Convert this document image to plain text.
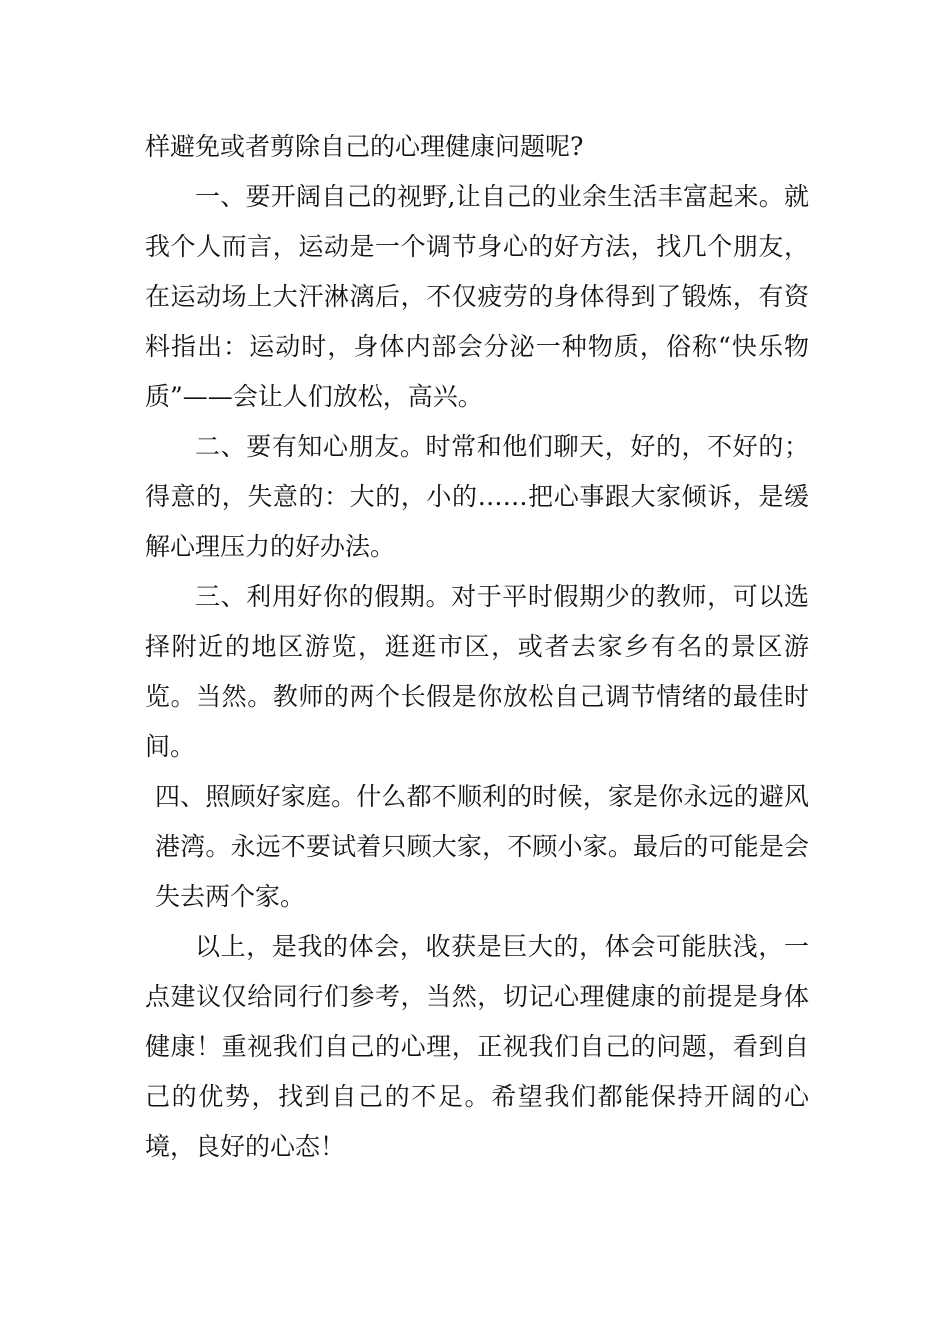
样避免或者剪除自己的心理健康问题呢?

一、要开阔自己的视野,让自己的业余生活丰富起来。就我个人而言，运动是一个调节身心的好方法，找几个朋友，在运动场上大汗淋漓后，不仅疲劳的身体得到了锻炼，有资料指出：运动时，身体内部会分泌一种物质，俗称“快乐物质”——会让人们放松，高兴。

二、要有知心朋友。时常和他们聊天，好的，不好的；得意的，失意的：大的，小的……把心事跟大家倾诉，是缓解心理压力的好办法。

三、利用好你的假期。对于平时假期少的教师，可以选择附近的地区游览，逛逛市区，或者去家乡有名的景区游览。当然。教师的两个长假是你放松自己调节情绪的最佳时间。

四、照顾好家庭。什么都不顺利的时候，家是你永远的避风港湾。永远不要试着只顾大家，不顾小家。最后的可能是会失去两个家。

以上，是我的体会，收获是巨大的，体会可能肤浅，一点建议仅给同行们参考，当然，切记心理健康的前提是身体健康！重视我们自己的心理，正视我们自己的问题，看到自己的优势，找到自己的不足。希望我们都能保持开阔的心境，良好的心态！
